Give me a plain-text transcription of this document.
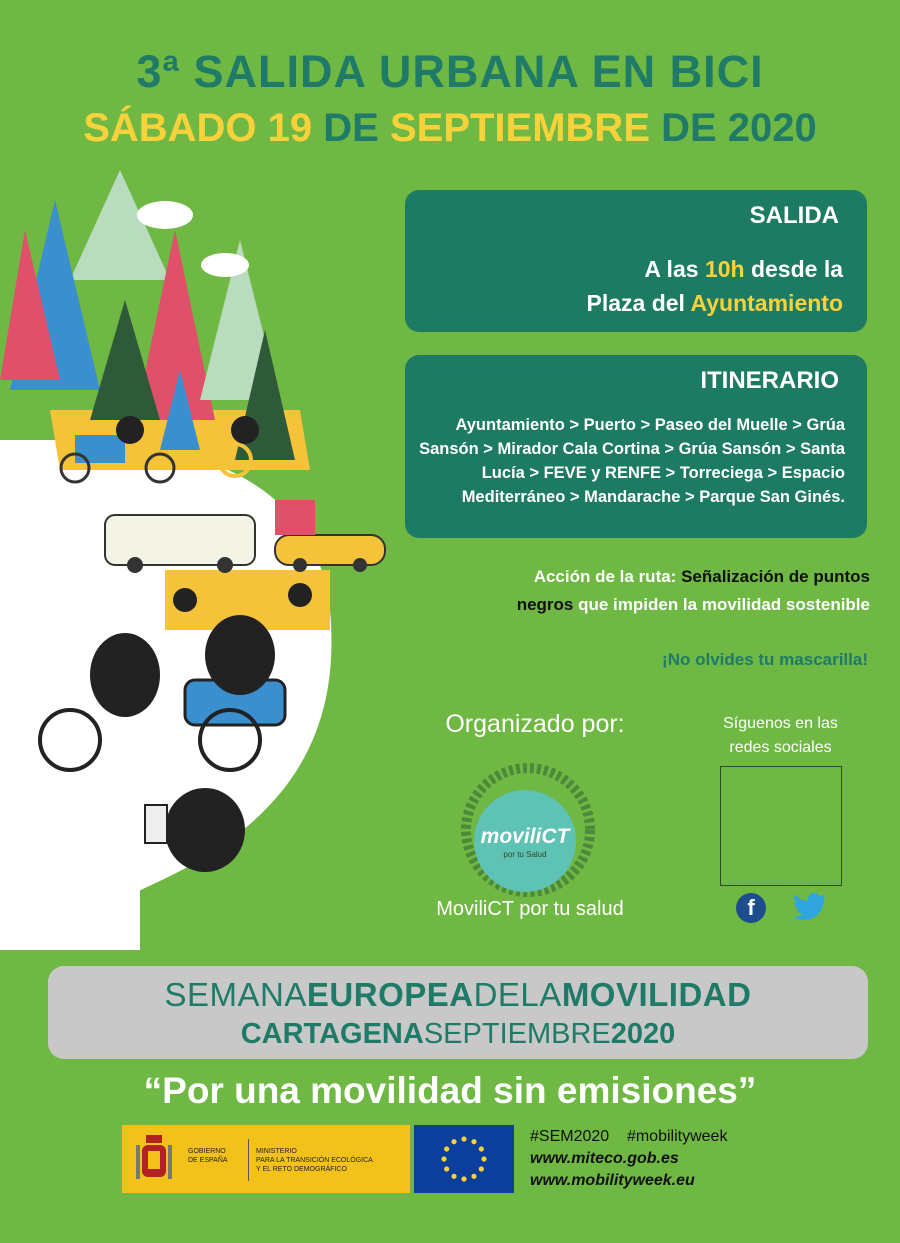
3ª SALIDA URBANA EN BICI
SÁBADO 19 DE SEPTIEMBRE DE 2020
SALIDA
A las 10h desde la
Plaza del Ayuntamiento
ITINERARIO
Ayuntamiento > Puerto > Paseo del Muelle > Grúa Sansón > Mirador Cala Cortina > Grúa Sansón > Santa Lucía > FEVE y RENFE > Torreciega > Espacio Mediterráneo > Mandarache > Parque San Ginés.
Acción de la ruta: Señalización de puntos
negros que impiden la movilidad sostenible
¡No olvides tu mascarilla!
Organizado por:	Síguenos en las
redes sociales
moviliCT
por tu Salud
MoviliCT por tu salud	f
SEMANAEUROPEADELAMOVILIDAD
CARTAGENASEPTIEMBRE2020
“Por una movilidad sin emisiones”
GOBIERNO
DE ESPAÑA
MINISTERIO
PARA LA TRANSICIÓN ECOLÓGICA
Y EL RETO DEMOGRÁFICO
#SEM2020 #mobilityweek
www.miteco.gob.es
www.mobilityweek.eu
